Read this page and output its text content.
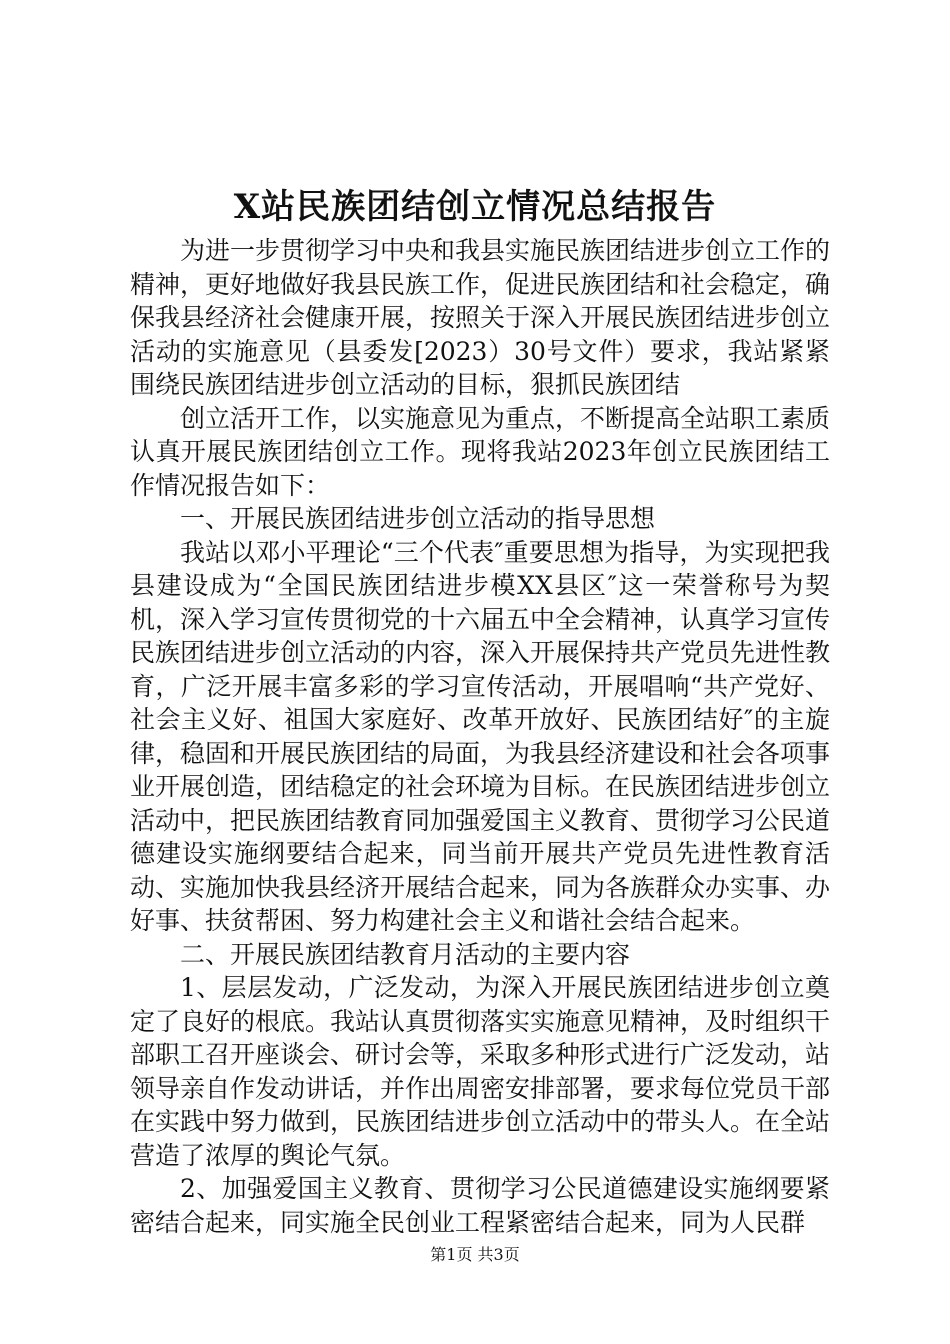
X站民族团结创立情况总结报告

为进一步贯彻学习中央和我县实施民族团结进步创立工作的精神，更好地做好我县民族工作，促进民族团结和社会稳定，确保我县经济社会健康开展，按照关于深入开展民族团结进步创立活动的实施意见（县委发[2023）30号文件）要求，我站紧紧围绕民族团结进步创立活动的目标，狠抓民族团结

创立活开工作，以实施意见为重点，不断提高全站职工素质认真开展民族团结创立工作。现将我站2023年创立民族团结工作情况报告如下：

一、开展民族团结进步创立活动的指导思想

我站以邓小平理论“三个代表″重要思想为指导，为实现把我县建设成为“全国民族团结进步模XX县区″这一荣誉称号为契机，深入学习宣传贯彻党的十六届五中全会精神，认真学习宣传民族团结进步创立活动的内容，深入开展保持共产党员先进性教育，广泛开展丰富多彩的学习宣传活动，开展唱响“共产党好、社会主义好、祖国大家庭好、改革开放好、民族团结好″的主旋律，稳固和开展民族团结的局面，为我县经济建设和社会各项事业开展创造，团结稳定的社会环境为目标。在民族团结进步创立活动中，把民族团结教育同加强爱国主义教育、贯彻学习公民道德建设实施纲要结合起来，同当前开展共产党员先进性教育活动、实施加快我县经济开展结合起来，同为各族群众办实事、办好事、扶贫帮困、努力构建社会主义和谐社会结合起来。

二、开展民族团结教育月活动的主要内容

1、层层发动，广泛发动，为深入开展民族团结进步创立奠定了良好的根底。我站认真贯彻落实实施意见精神，及时组织干部职工召开座谈会、研讨会等，采取多种形式进行广泛发动，站领导亲自作发动讲话，并作出周密安排部署，要求每位党员干部在实践中努力做到，民族团结进步创立活动中的带头人。在全站营造了浓厚的舆论气氛。

2、加强爱国主义教育、贯彻学习公民道德建设实施纲要紧密结合起来，同实施全民创业工程紧密结合起来，同为人民群

第1页 共3页
